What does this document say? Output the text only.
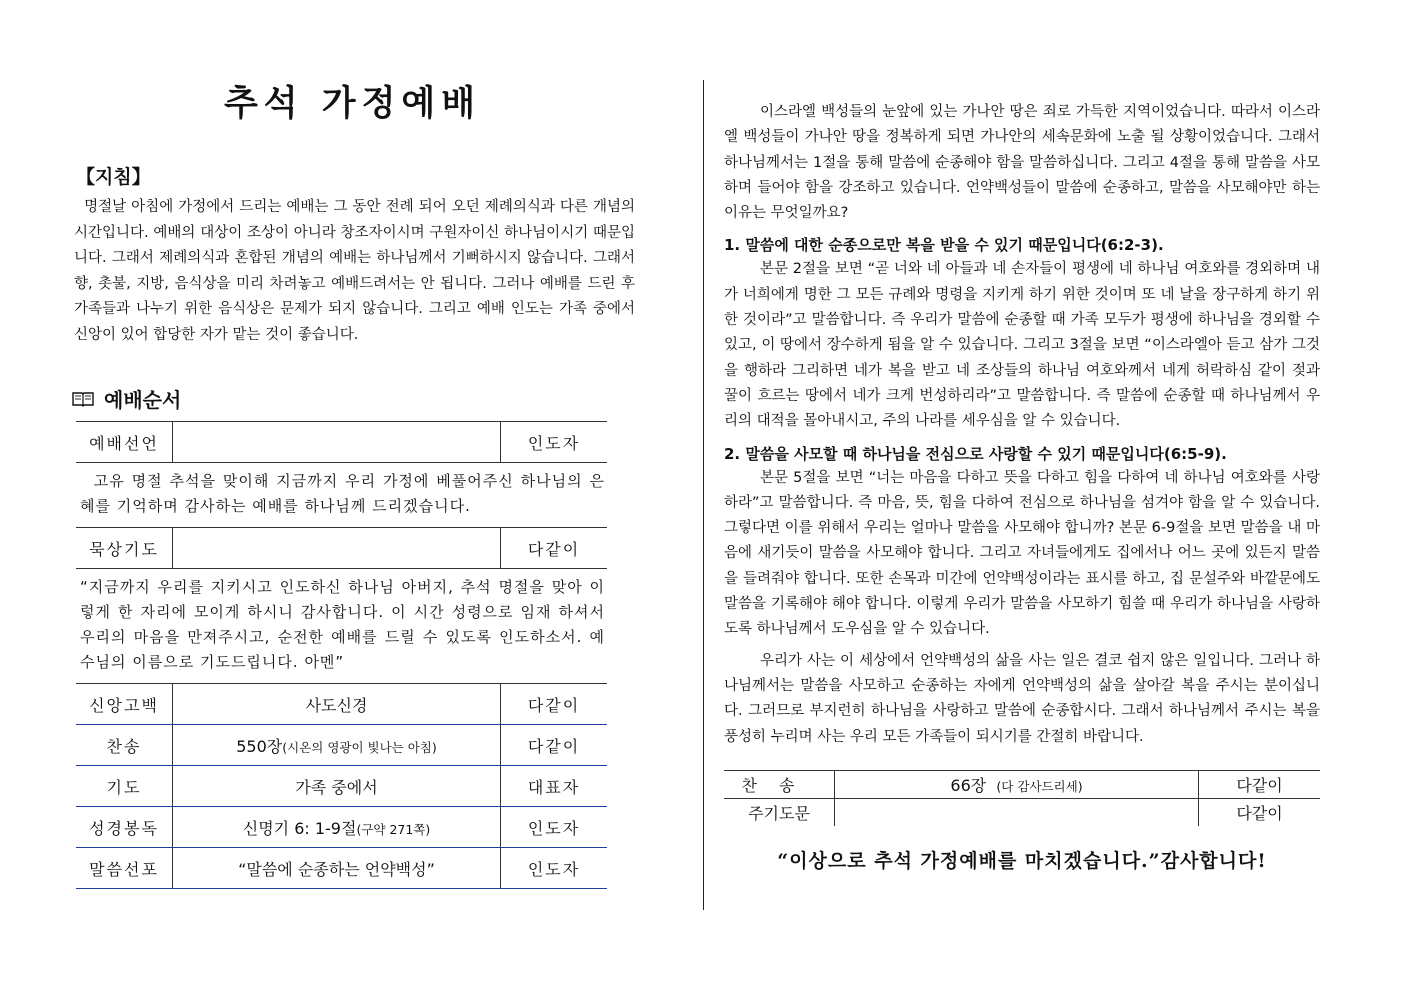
추석 가정예배
【지침】

명절날 아침에 가정에서 드리는 예배는 그 동안 전례 되어 오던 제례의식과 다른 개념의 시간입니다. 예배의 대상이 조상이 아니라 창조자이시며 구원자이신 하나님이시기 때문입니다. 그래서 제례의식과 혼합된 개념의 예배는 하나님께서 기뻐하시지 않습니다. 그래서 향, 촛불, 지방, 음식상을 미리 차려놓고 예배드려서는 안 됩니다. 그러나 예배를 드린 후 가족들과 나누기 위한 음식상은 문제가 되지 않습니다. 그리고 예배 인도는 가족 중에서 신앙이 있어 합당한 자가 맡는 것이 좋습니다.

예배순서
예배선언		인도자
고유 명절 추석을 맞이해 지금까지 우리 가정에 베풀어주신 하나님의 은혜를 기억하며 감사하는 예배를 하나님께 드리겠습니다.
묵상기도		다같이
“지금까지 우리를 지키시고 인도하신 하나님 아버지, 추석 명절을 맞아 이렇게 한 자리에 모이게 하시니 감사합니다. 이 시간 성령으로 임재 하셔서 우리의 마음을 만져주시고, 순전한 예배를 드릴 수 있도록 인도하소서. 예수님의 이름으로 기도드립니다. 아멘”
신앙고백	사도신경	다같이
찬송	550장(시온의 영광이 빛나는 아침)	다같이
기도	가족 중에서	대표자
성경봉독	신명기 6: 1-9절(구약 271쪽)	인도자
말씀선포	“말씀에 순종하는 언약백성”	인도자

이스라엘 백성들의 눈앞에 있는 가나안 땅은 죄로 가득한 지역이었습니다. 따라서 이스라엘 백성들이 가나안 땅을 정복하게 되면 가나안의 세속문화에 노출 될 상황이었습니다. 그래서 하나님께서는 1절을 통해 말씀에 순종해야 함을 말씀하십니다. 그리고 4절을 통해 말씀을 사모하며 들어야 함을 강조하고 있습니다. 언약백성들이 말씀에 순종하고, 말씀을 사모해야만 하는 이유는 무엇일까요?

1. 말씀에 대한 순종으로만 복을 받을 수 있기 때문입니다(6:2-3).

본문 2절을 보면 “곧 너와 네 아들과 네 손자들이 평생에 네 하나님 여호와를 경외하며 내가 너희에게 명한 그 모든 규례와 명령을 지키게 하기 위한 것이며 또 네 날을 장구하게 하기 위한 것이라”고 말씀합니다. 즉 우리가 말씀에 순종할 때 가족 모두가 평생에 하나님을 경외할 수 있고, 이 땅에서 장수하게 됨을 알 수 있습니다. 그리고 3절을 보면 “이스라엘아 듣고 삼가 그것을 행하라 그리하면 네가 복을 받고 네 조상들의 하나님 여호와께서 네게 허락하심 같이 젖과 꿀이 흐르는 땅에서 네가 크게 번성하리라”고 말씀합니다. 즉 말씀에 순종할 때 하나님께서 우리의 대적을 몰아내시고, 주의 나라를 세우심을 알 수 있습니다.

2. 말씀을 사모할 때 하나님을 전심으로 사랑할 수 있기 때문입니다(6:5-9).

본문 5절을 보면 “너는 마음을 다하고 뜻을 다하고 힘을 다하여 네 하나님 여호와를 사랑하라”고 말씀합니다. 즉 마음, 뜻, 힘을 다하여 전심으로 하나님을 섬겨야 함을 알 수 있습니다. 그렇다면 이를 위해서 우리는 얼마나 말씀을 사모해야 합니까? 본문 6-9절을 보면 말씀을 내 마음에 새기듯이 말씀을 사모해야 합니다. 그리고 자녀들에게도 집에서나 어느 곳에 있든지 말씀을 들려줘야 합니다. 또한 손목과 미간에 언약백성이라는 표시를 하고, 집 문설주와 바깥문에도 말씀을 기록해야 해야 합니다. 이렇게 우리가 말씀을 사모하기 힘쓸 때 우리가 하나님을 사랑하도록 하나님께서 도우심을 알 수 있습니다.

우리가 사는 이 세상에서 언약백성의 삶을 사는 일은 결코 쉽지 않은 일입니다. 그러나 하나님께서는 말씀을 사모하고 순종하는 자에게 언약백성의 삶을 살아갈 복을 주시는 분이십니다. 그러므로 부지런히 하나님을 사랑하고 말씀에 순종합시다. 그래서 하나님께서 주시는 복을 풍성히 누리며 사는 우리 모든 가족들이 되시기를 간절히 바랍니다.

찬송	66장 (다 감사드리세)	다같이
주기도문		다같이
“이상으로 추석 가정예배를 마치겠습니다.”감사합니다!
